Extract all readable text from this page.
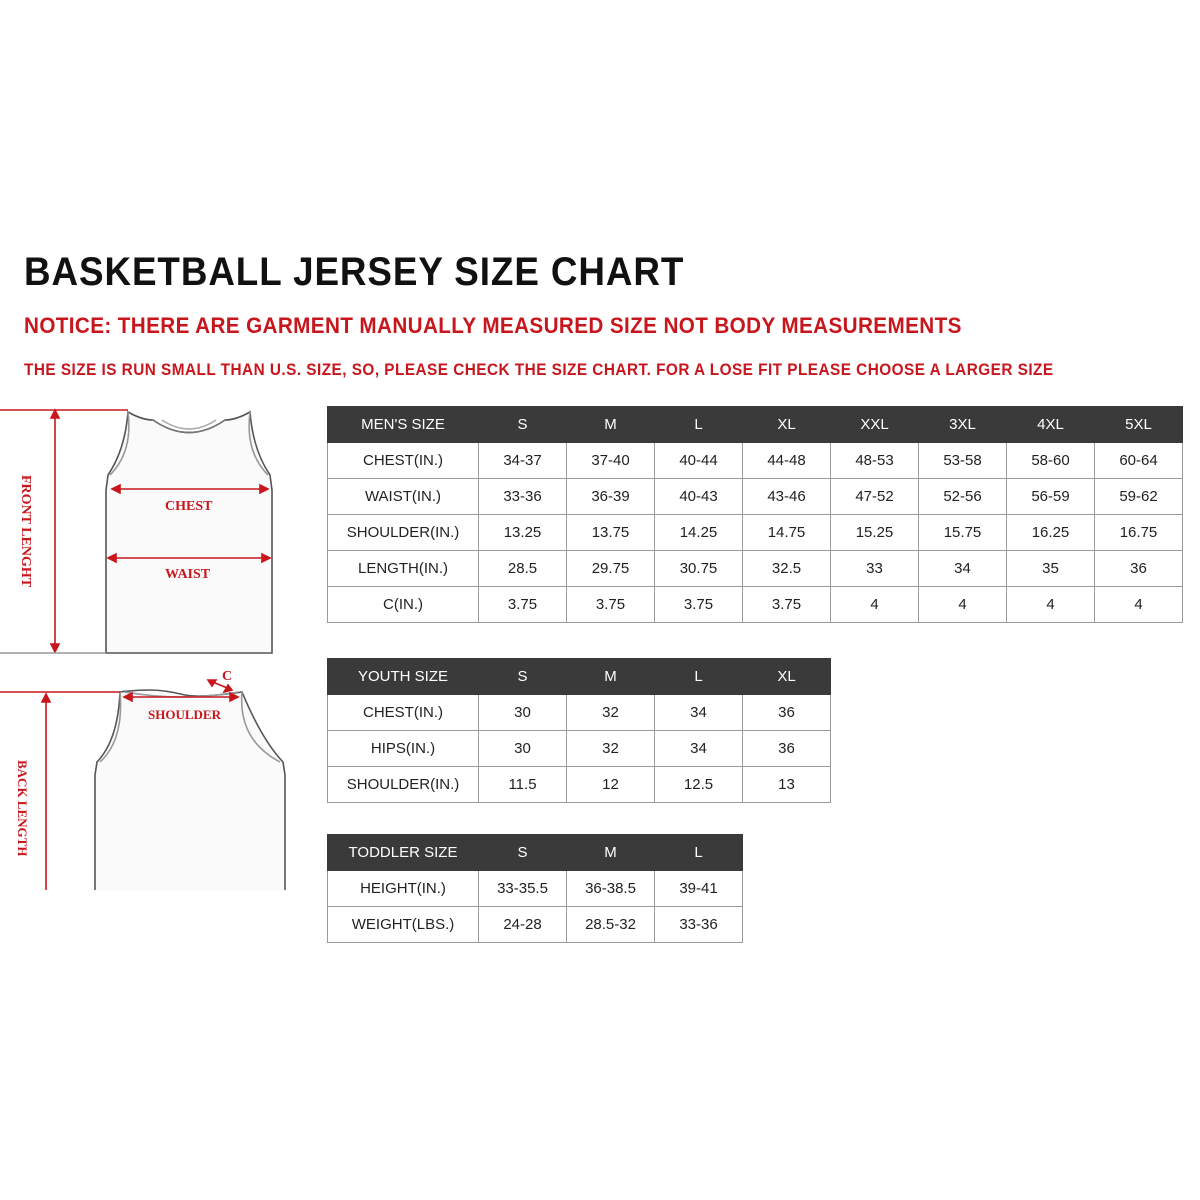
BASKETBALL JERSEY SIZE CHART
NOTICE: THERE ARE GARMENT MANUALLY MEASURED SIZE NOT BODY MEASUREMENTS
THE SIZE IS RUN SMALL THAN U.S. SIZE, SO, PLEASE CHECK THE SIZE CHART. FOR A LOSE FIT PLEASE CHOOSE A LARGER SIZE
FRONT LENGHT	CHEST
WAIST
BACK LENGTH
SHOULDER
C
MEN'S SIZE	S	M	L	XL	XXL	3XL	4XL	5XL
CHEST(IN.)	34-37	37-40	40-44	44-48	48-53	53-58	58-60	60-64
WAIST(IN.)	33-36	36-39	40-43	43-46	47-52	52-56	56-59	59-62
SHOULDER(IN.)	13.25	13.75	14.25	14.75	15.25	15.75	16.25	16.75
LENGTH(IN.)	28.5	29.75	30.75	32.5	33	34	35	36
C(IN.)	3.75	3.75	3.75	3.75	4	4	4	4
YOUTH SIZE	S	M	L	XL
CHEST(IN.)	30	32	34	36
HIPS(IN.)	30	32	34	36
SHOULDER(IN.)	11.5	12	12.5	13
TODDLER SIZE	S	M	L
HEIGHT(IN.)	33-35.5	36-38.5	39-41
WEIGHT(LBS.)	24-28	28.5-32	33-36
